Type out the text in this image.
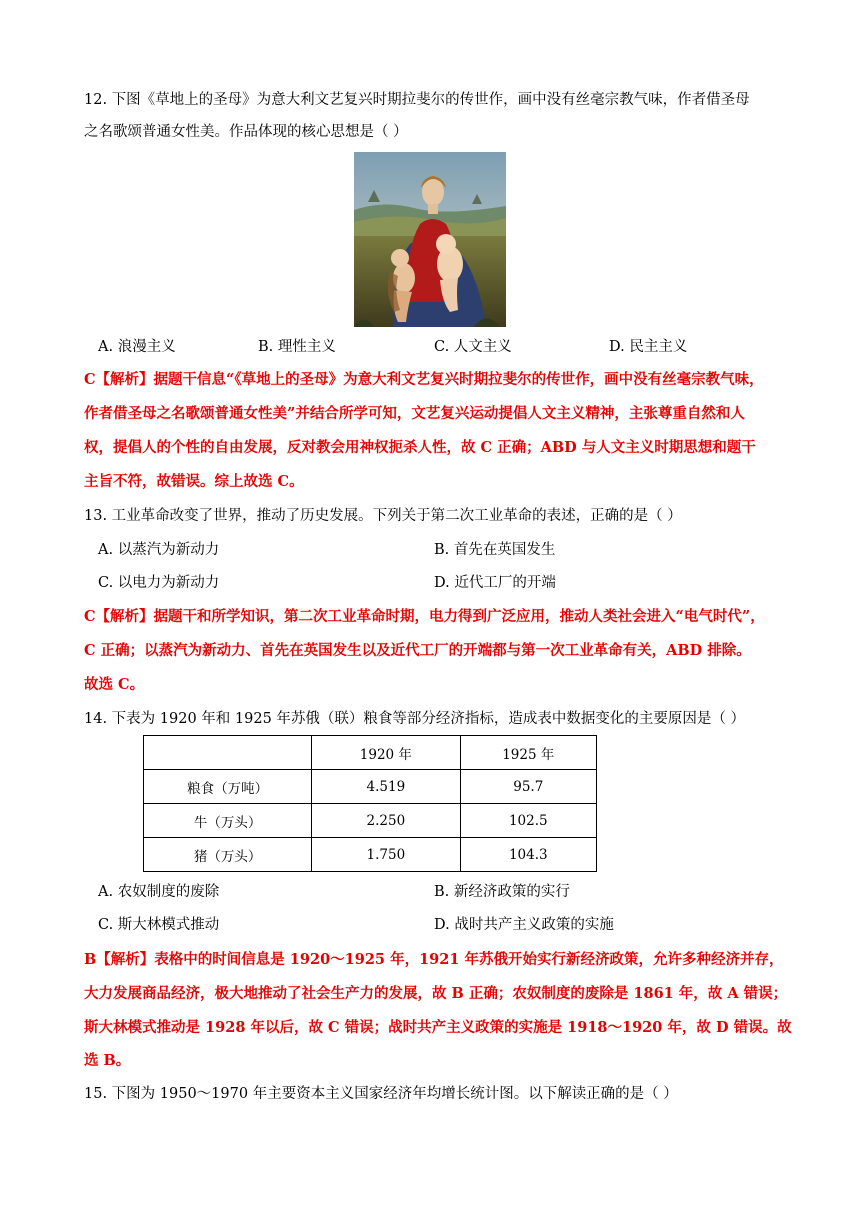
12. 下图《草地上的圣母》为意大利文艺复兴时期拉斐尔的传世作，画中没有丝毫宗教气味，作者借圣母
之名歌颂普通女性美。作品体现的核心思想是（ ）
A. 浪漫主义	B. 理性主义	C. 人文主义	D. 民主主义
C【解析】据题干信息“《草地上的圣母》为意大利文艺复兴时期拉斐尔的传世作，画中没有丝毫宗教气味，
作者借圣母之名歌颂普通女性美”并结合所学可知，文艺复兴运动提倡人文主义精神，主张尊重自然和人
权，提倡人的个性的自由发展，反对教会用神权扼杀人性，故 C 正确；ABD 与人文主义时期思想和题干
主旨不符，故错误。综上故选 C。
13. 工业革命改变了世界，推动了历史发展。下列关于第二次工业革命的表述，正确的是（ ）
A. 以蒸汽为新动力	B. 首先在英国发生
C. 以电力为新动力	D. 近代工厂的开端
C【解析】据题干和所学知识，第二次工业革命时期，电力得到广泛应用，推动人类社会进入“电气时代”，
C 正确；以蒸汽为新动力、首先在英国发生以及近代工厂的开端都与第一次工业革命有关，ABD 排除。
故选 C。
14. 下表为 1920 年和 1925 年苏俄（联）粮食等部分经济指标，造成表中数据变化的主要原因是（ ）
	1920 年	1925 年
粮食（万吨）	4.519	95.7
牛（万头）	2.250	102.5
猪（万头）	1.750	104.3
A. 农奴制度的废除	B. 新经济政策的实行
C. 斯大林模式推动	D. 战时共产主义政策的实施
B【解析】表格中的时间信息是 1920～1925 年，1921 年苏俄开始实行新经济政策，允许多种经济并存，
大力发展商品经济，极大地推动了社会生产力的发展，故 B 正确；农奴制度的废除是 1861 年，故 A 错误；
斯大林模式推动是 1928 年以后，故 C 错误；战时共产主义政策的实施是 1918～1920 年，故 D 错误。故
选 B。
15. 下图为 1950～1970 年主要资本主义国家经济年均增长统计图。以下解读正确的是（ ）
